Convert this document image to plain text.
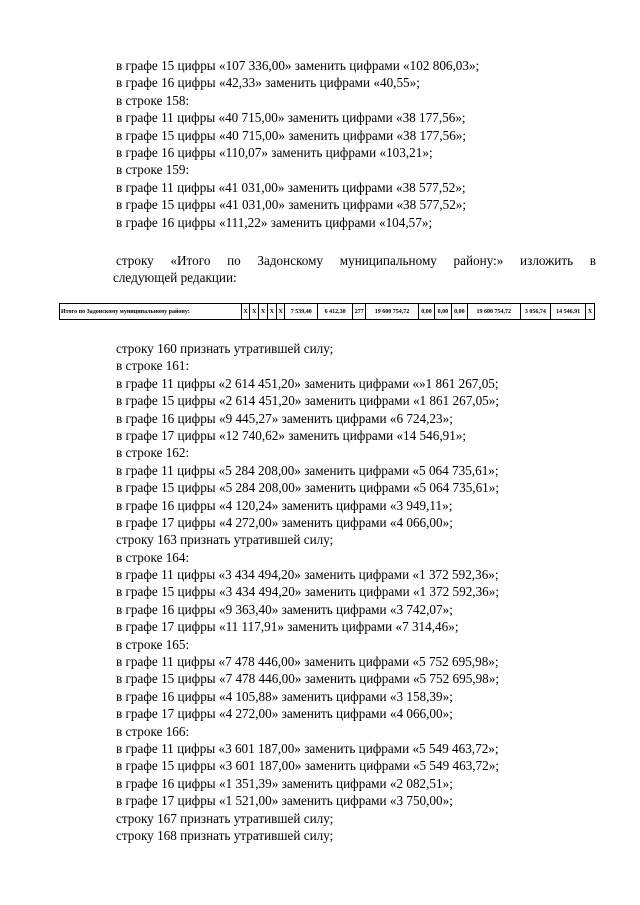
в графе 15 цифры «107 336,00» заменить цифрами «102 806,03»;
в графе 16 цифры «42,33» заменить цифрами «40,55»;
в строке 158:
в графе 11 цифры «40 715,00» заменить цифрами «38 177,56»;
в графе 15 цифры «40 715,00» заменить цифрами «38 177,56»;
в графе 16 цифры «110,07» заменить цифрами «103,21»;
в строке 159:
в графе 11 цифры «41 031,00» заменить цифрами «38 577,52»;
в графе 15 цифры «41 031,00» заменить цифрами «38 577,52»;
в графе 16 цифры «111,22» заменить цифрами «104,57»;
строку «Итого по Задонскому муниципальному району:» изложить в
следующей редакции:
Итого по Задонскому муниципальному району:	X	X	X	X	X	7 539,40	6 412,30	277	19 600 754,72	0,00	0,00	0,00	19 600 754,72	3 056,74	14 546,91	X
строку 160 признать утратившей силу;
в строке 161:
в графе 11 цифры «2 614 451,20» заменить цифрами «»1 861 267,05;
в графе 15 цифры «2 614 451,20» заменить цифрами «1 861 267,05»;
в графе 16 цифры «9 445,27» заменить цифрами «6 724,23»;
в графе 17 цифры «12 740,62» заменить цифрами «14 546,91»;
в строке 162:
в графе 11 цифры «5 284 208,00» заменить цифрами «5 064 735,61»;
в графе 15 цифры «5 284 208,00» заменить цифрами «5 064 735,61»;
в графе 16 цифры «4 120,24» заменить цифрами «3 949,11»;
в графе 17 цифры «4 272,00» заменить цифрами «4 066,00»;
строку 163 признать утратившей силу;
в строке 164:
в графе 11 цифры «3 434 494,20» заменить цифрами «1 372 592,36»;
в графе 15 цифры «3 434 494,20» заменить цифрами «1 372 592,36»;
в графе 16 цифры «9 363,40» заменить цифрами «3 742,07»;
в графе 17 цифры «11 117,91» заменить цифрами «7 314,46»;
в строке 165:
в графе 11 цифры «7 478 446,00» заменить цифрами «5 752 695,98»;
в графе 15 цифры «7 478 446,00» заменить цифрами «5 752 695,98»;
в графе 16 цифры «4 105,88» заменить цифрами «3 158,39»;
в графе 17 цифры «4 272,00» заменить цифрами «4 066,00»;
в строке 166:
в графе 11 цифры «3 601 187,00» заменить цифрами «5 549 463,72»;
в графе 15 цифры «3 601 187,00» заменить цифрами «5 549 463,72»;
в графе 16 цифры «1 351,39» заменить цифрами «2 082,51»;
в графе 17 цифры «1 521,00» заменить цифрами «3 750,00»;
строку 167 признать утратившей силу;
строку 168 признать утратившей силу;
